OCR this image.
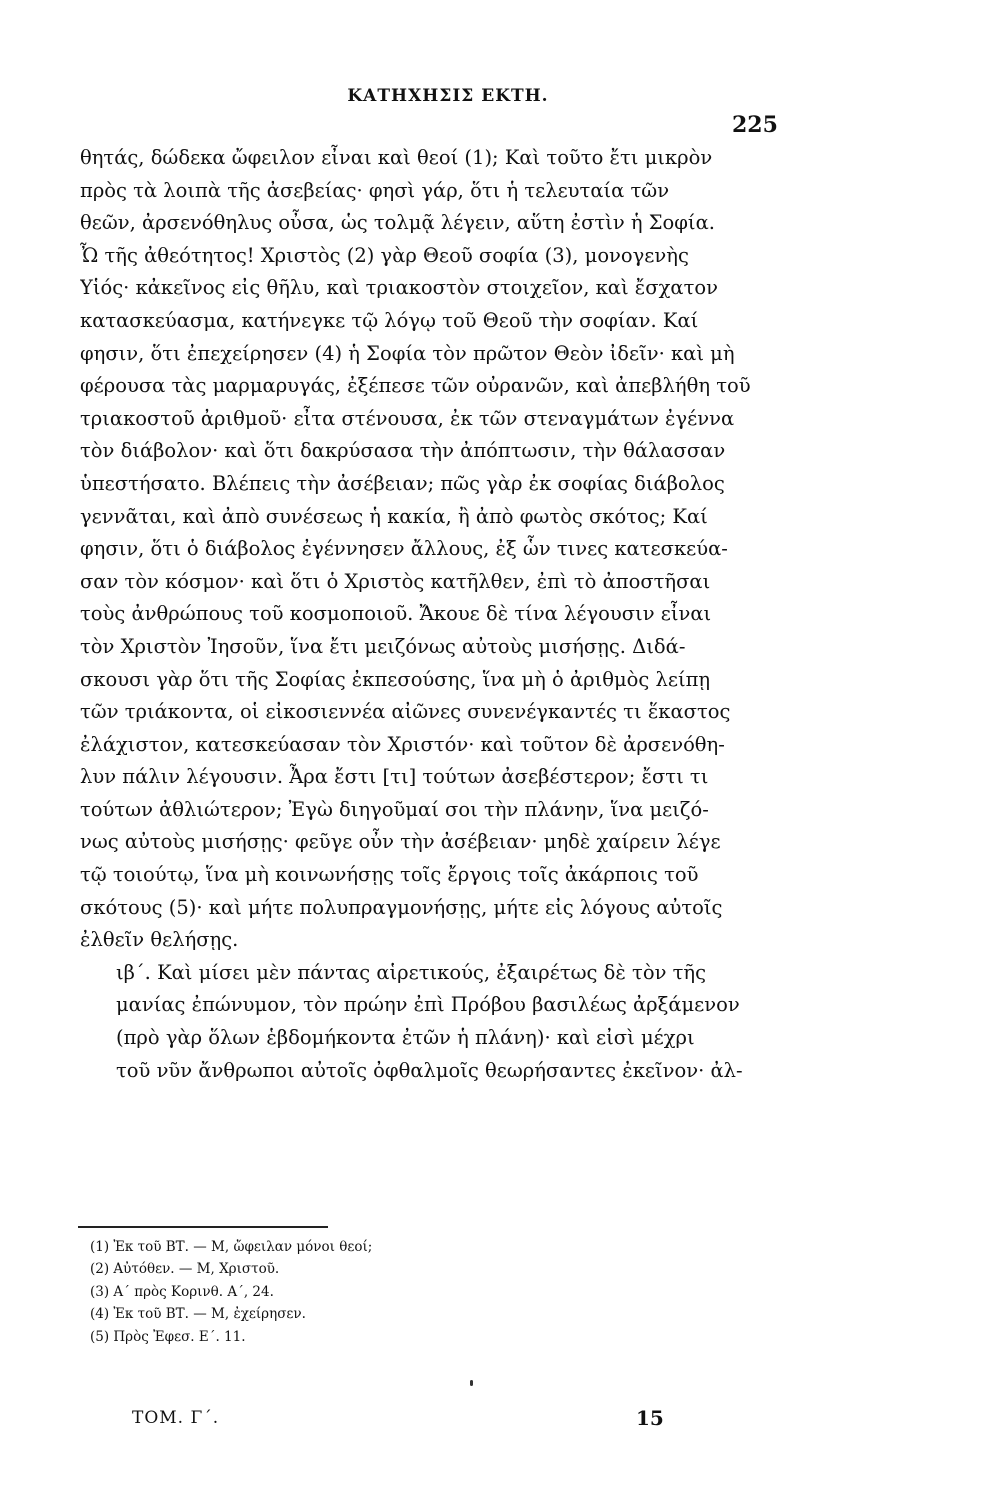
ΚΑΤΗΧΗΣΙΣ ΕΚΤΗ.
225
θητάς, δώδεκα ὤφειλον εἶναι καὶ θεοί (1); Καὶ τοῦτο ἔτι μικρὸν
πρὸς τὰ λοιπὰ τῆς ἀσεβείας· φησὶ γάρ, ὅτι ἡ τελευταία τῶν
θεῶν, ἀρσενόθηλυς οὖσα, ὡς τολμᾷ λέγειν, αὕτη ἐστὶν ἡ Σοφία.
Ὦ τῆς ἀθεότητος! Χριστὸς (2) γὰρ Θεοῦ σοφία (3), μονογενὴς
Υἱός· κἀκεῖνος εἰς θῆλυ, καὶ τριακοστὸν στοιχεῖον, καὶ ἔσχατον
κατασκεύασμα, κατήνεγκε τῷ λόγῳ τοῦ Θεοῦ τὴν σοφίαν. Καί
φησιν, ὅτι ἐπεχείρησεν (4) ἡ Σοφία τὸν πρῶτον Θεὸν ἰδεῖν· καὶ μὴ
φέρουσα τὰς μαρμαρυγάς, ἐξέπεσε τῶν οὐρανῶν, καὶ ἀπεβλήθη τοῦ
τριακοστοῦ ἀριθμοῦ· εἶτα στένουσα, ἐκ τῶν στεναγμάτων ἐγέννα
τὸν διάβολον· καὶ ὅτι δακρύσασα τὴν ἀπόπτωσιν, τὴν θάλασσαν
ὑπεστήσατο. Βλέπεις τὴν ἀσέβειαν; πῶς γὰρ ἐκ σοφίας διάβολος
γεννᾶται, καὶ ἀπὸ συνέσεως ἡ κακία, ἢ ἀπὸ φωτὸς σκότος; Καί
φησιν, ὅτι ὁ διάβολος ἐγέννησεν ἄλλους, ἐξ ὧν τινες κατεσκεύα-
σαν τὸν κόσμον· καὶ ὅτι ὁ Χριστὸς κατῆλθεν, ἐπὶ τὸ ἀποστῆσαι
τοὺς ἀνθρώπους τοῦ κοσμοποιοῦ. Ἄκουε δὲ τίνα λέγουσιν εἶναι
τὸν Χριστὸν Ἰησοῦν, ἵνα ἔτι μειζόνως αὐτοὺς μισήσῃς. Διδά-
σκουσι γὰρ ὅτι τῆς Σοφίας ἐκπεσούσης, ἵνα μὴ ὁ ἀριθμὸς λείπῃ
τῶν τριάκοντα, οἱ εἰκοσιεννέα αἰῶνες συνενέγκαντές τι ἕκαστος
ἐλάχιστον, κατεσκεύασαν τὸν Χριστόν· καὶ τοῦτον δὲ ἀρσενόθη-
λυν πάλιν λέγουσιν. Ἆρα ἔστι [τι] τούτων ἀσεβέστερον; ἔστι τι
τούτων ἀθλιώτερον; Ἐγὼ διηγοῦμαί σοι τὴν πλάνην, ἵνα μειζό-
νως αὐτοὺς μισήσῃς· φεῦγε οὖν τὴν ἀσέβειαν· μηδὲ χαίρειν λέγε
τῷ τοιούτῳ, ἵνα μὴ κοινωνήσῃς τοῖς ἔργοις τοῖς ἀκάρποις τοῦ
σκότους (5)· καὶ μήτε πολυπραγμονήσῃς, μήτε εἰς λόγους αὐτοῖς
ἐλθεῖν θελήσῃς.
ιβ΄. Καὶ μίσει μὲν πάντας αἱρετικούς, ἐξαιρέτως δὲ τὸν τῆς
μανίας ἐπώνυμον, τὸν πρώην ἐπὶ Πρόβου βασιλέως ἀρξάμενον
(πρὸ γὰρ ὅλων ἑβδομήκοντα ἐτῶν ἡ πλάνη)· καὶ εἰσὶ μέχρι
τοῦ νῦν ἄνθρωποι αὐτοῖς ὀφθαλμοῖς θεωρήσαντες ἐκεῖνον· ἀλ-
(1) Ἐκ τοῦ ΒΤ. — Μ, ὤφειλαν μόνοι θεοί;
(2) Αὐτόθεν. — Μ, Χριστοῦ.
(3) Α΄ πρὸς Κορινθ. Α΄, 24.
(4) Ἐκ τοῦ ΒΤ. — Μ, ἐχείρησεν.
(5) Πρὸς Ἐφεσ. Ε΄. 11.
ΤΟΜ. Γ΄.	15
